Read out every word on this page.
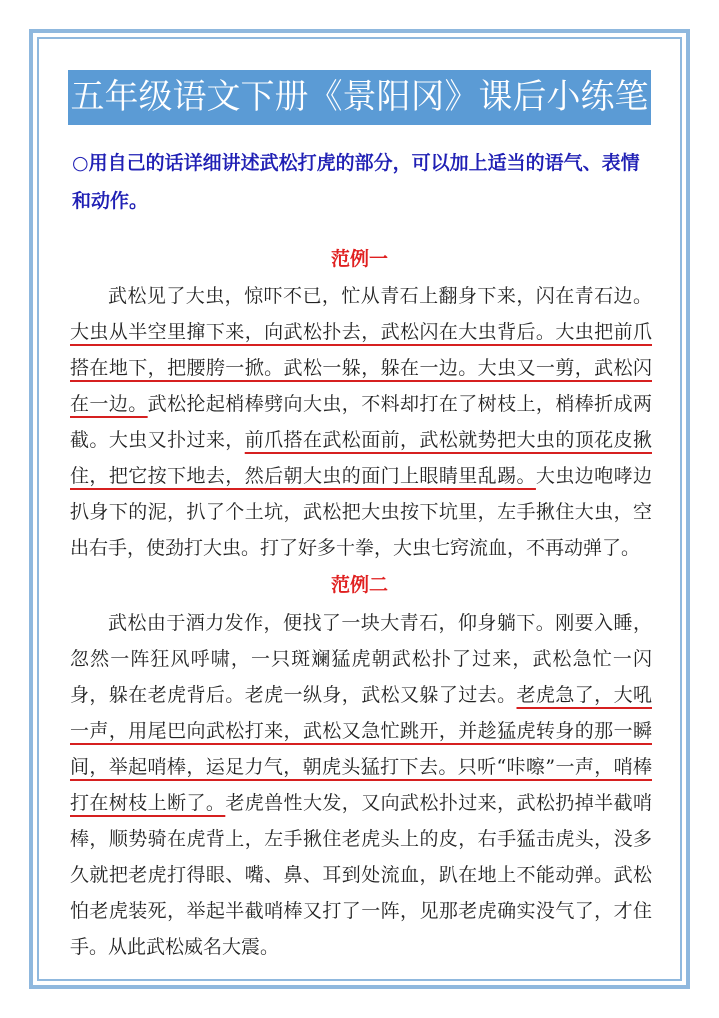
五年级语文下册《景阳冈》课后小练笔
○用自己的话详细讲述武松打虎的部分，可以加上适当的语气、表情和动作。
范例一

武松见了大虫，惊吓不已，忙从青石上翻身下来，闪在青石边。大虫从半空里撺下来，向武松扑去，武松闪在大虫背后。大虫把前爪搭在地下，把腰胯一掀。武松一躲，躲在一边。大虫又一剪，武松闪在一边。武松抡起梢棒劈向大虫，不料却打在了树枝上，梢棒折成两截。大虫又扑过来，前爪搭在武松面前，武松就势把大虫的顶花皮揪住，把它按下地去，然后朝大虫的面门上眼睛里乱踢。大虫边咆哮边扒身下的泥，扒了个土坑，武松把大虫按下坑里，左手揪住大虫，空出右手，使劲打大虫。打了好多十拳，大虫七窍流血，不再动弹了。

范例二

武松由于酒力发作，便找了一块大青石，仰身躺下。刚要入睡，忽然一阵狂风呼啸，一只斑斓猛虎朝武松扑了过来，武松急忙一闪身，躲在老虎背后。老虎一纵身，武松又躲了过去。老虎急了，大吼一声，用尾巴向武松打来，武松又急忙跳开，并趁猛虎转身的那一瞬间，举起哨棒，运足力气，朝虎头猛打下去。只听“咔嚓”一声，哨棒打在树枝上断了。老虎兽性大发，又向武松扑过来，武松扔掉半截哨棒，顺势骑在虎背上，左手揪住老虎头上的皮，右手猛击虎头，没多久就把老虎打得眼、嘴、鼻、耳到处流血，趴在地上不能动弹。武松怕老虎装死，举起半截哨棒又打了一阵，见那老虎确实没气了，才住手。从此武松威名大震。
